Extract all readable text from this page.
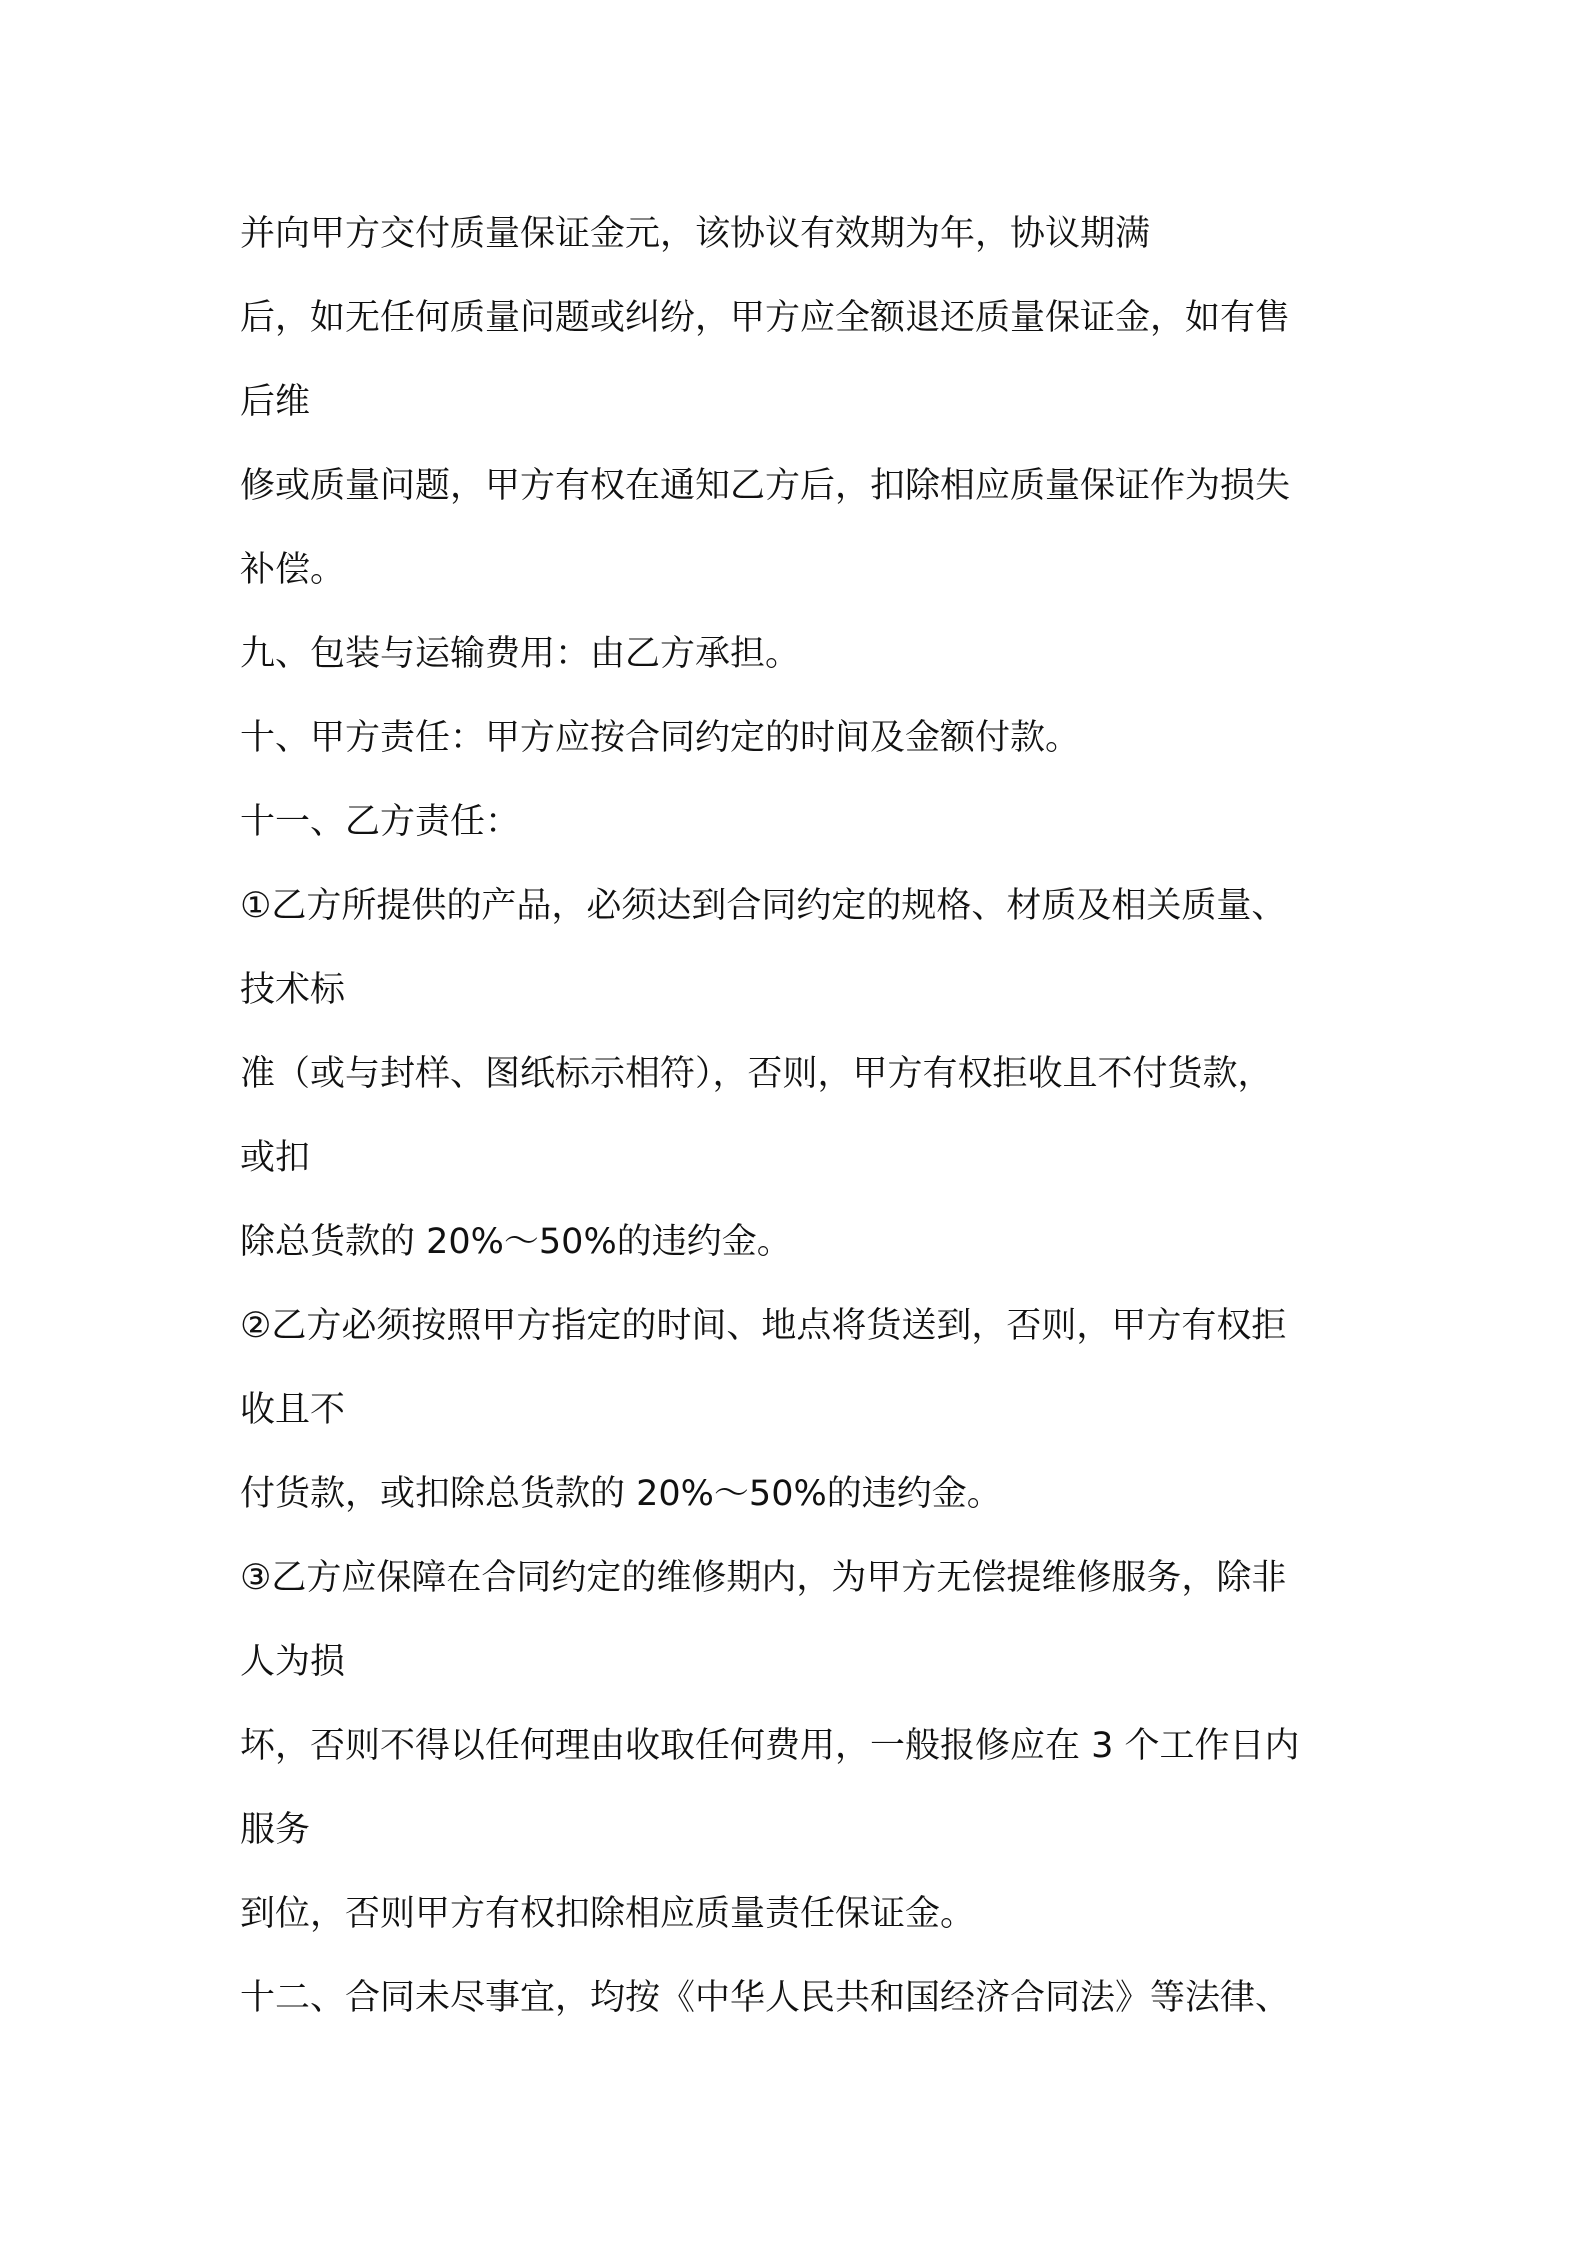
并向甲方交付质量保证金元，该协议有效期为年，协议期满
后，如无任何质量问题或纠纷，甲方应全额退还质量保证金，如有售
后维
修或质量问题，甲方有权在通知乙方后，扣除相应质量保证作为损失
补偿。
九、包装与运输费用：由乙方承担。
十、甲方责任：甲方应按合同约定的时间及金额付款。
十一、乙方责任：
①乙方所提供的产品，必须达到合同约定的规格、材质及相关质量、
技术标
准（或与封样、图纸标示相符），否则，甲方有权拒收且不付货款，
或扣
除总货款的 20%～50%的违约金。
②乙方必须按照甲方指定的时间、地点将货送到，否则，甲方有权拒
收且不
付货款，或扣除总货款的 20%～50%的违约金。
③乙方应保障在合同约定的维修期内，为甲方无偿提维修服务，除非
人为损
坏，否则不得以任何理由收取任何费用，一般报修应在 3 个工作日内
服务
到位，否则甲方有权扣除相应质量责任保证金。
十二、合同未尽事宜，均按《中华人民共和国经济合同法》等法律、
